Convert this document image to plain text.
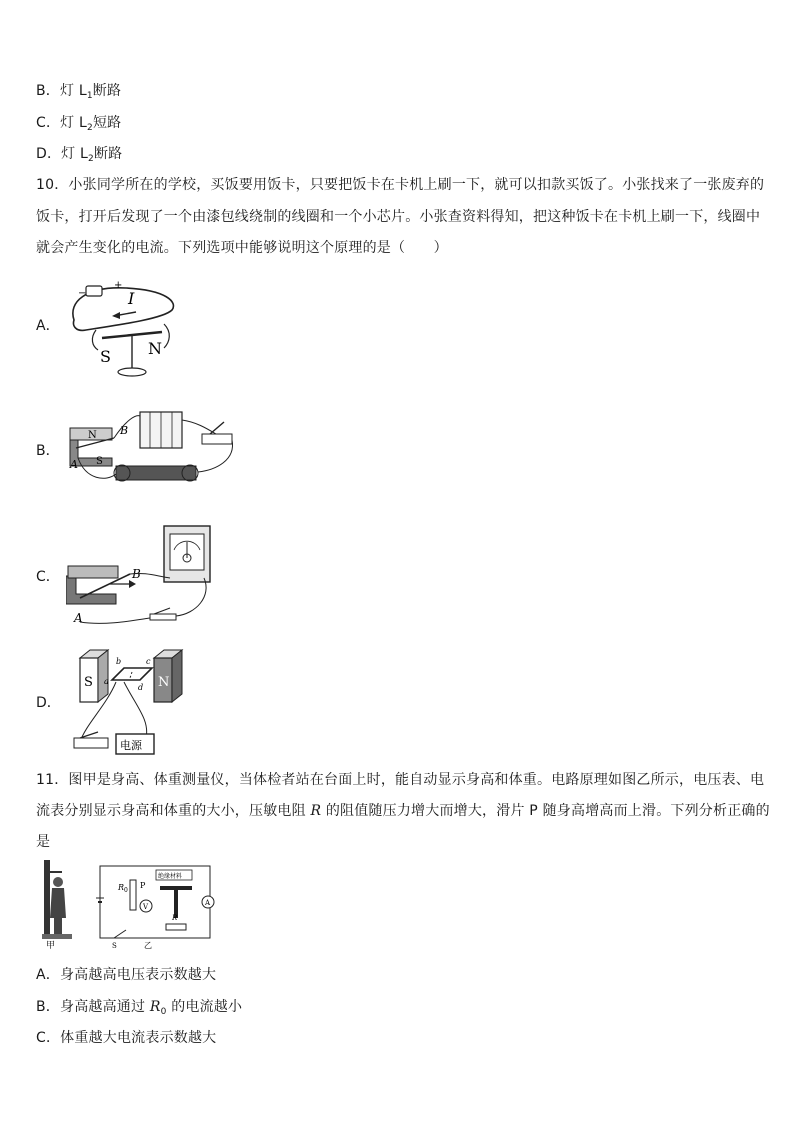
B．灯 $L_1$断路
C．灯 $L_2$短路
D．灯 $L_2$断路
10．小张同学所在的学校，买饭要用饭卡，只要把饭卡在卡机上刷一下，就可以扣款买饭了。小张找来了一张废弃的
饭卡，打开后发现了一个由漆包线绕制的线圈和一个小芯片。小张查资料得知，把这种饭卡在卡机上刷一下，线圈中
就会产生变化的电流。下列选项中能够说明这个原理的是（　　）
A．
−
+
I
S N
B．
N
S
A
B
C．
A
B
D．
S	N
b	c
a
d
电源
11．图甲是身高、体重测量仪，当体检者站在台面上时，能自动显示身高和体重。电路原理如图乙所示，电压表、电
流表分别显示身高和体重的大小，压敏电阻 R 的阻值随压力增大而增大，滑片 P 随身高增高而上滑。下列分析正确的
是
甲
R 0
P
绝缘材料
V	A
R
S	乙
A．身高越高电压表示数越大
B．身高越高通过 $R_0$ 的电流越小
C．体重越大电流表示数越大
